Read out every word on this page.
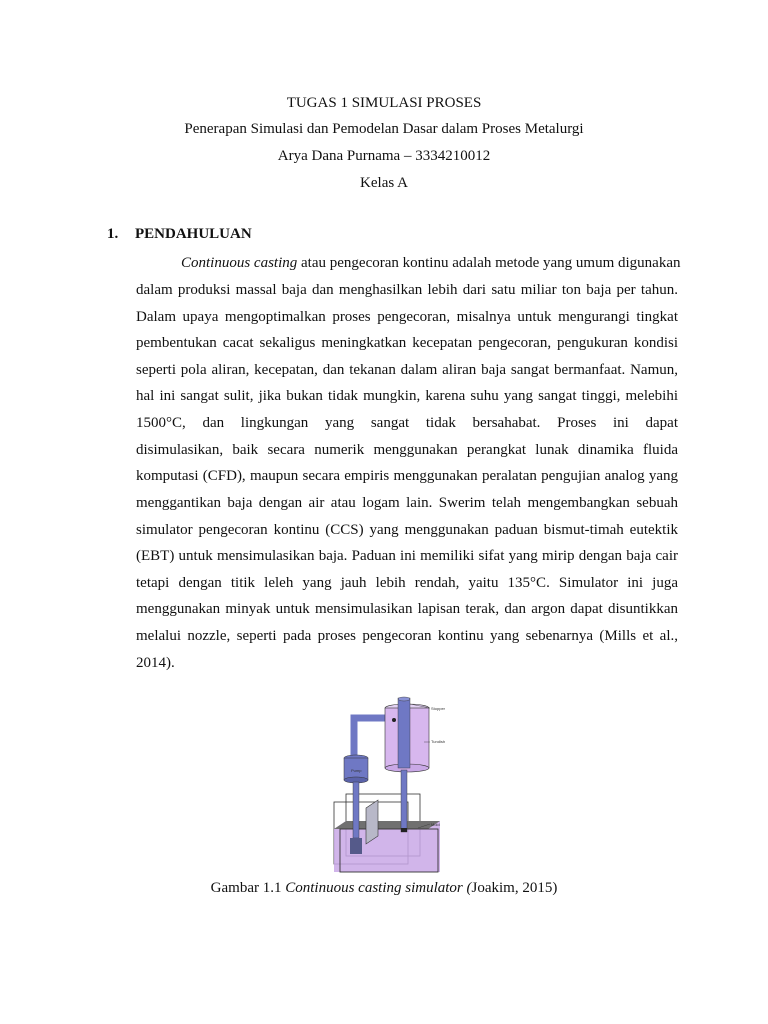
TUGAS 1 SIMULASI PROSES
Penerapan Simulasi dan Pemodelan Dasar dalam Proses Metalurgi
Arya Dana Purnama – 3334210012
Kelas A
1. PENDAHULUAN
Continuous casting atau pengecoran kontinu adalah metode yang umum digunakan
dalam produksi massal baja dan menghasilkan lebih dari satu miliar ton baja per tahun.
Dalam upaya mengoptimalkan proses pengecoran, misalnya untuk mengurangi tingkat
pembentukan cacat sekaligus meningkatkan kecepatan pengecoran, pengukuran kondisi
seperti pola aliran, kecepatan, dan tekanan dalam aliran baja sangat bermanfaat. Namun,
hal ini sangat sulit, jika bukan tidak mungkin, karena suhu yang sangat tinggi, melebihi
1500°C, dan lingkungan yang sangat tidak bersahabat. Proses ini dapat
disimulasikan, baik secara numerik menggunakan perangkat lunak dinamika fluida
komputasi (CFD), maupun secara empiris menggunakan peralatan pengujian analog yang
menggantikan baja dengan air atau logam lain. Swerim telah mengembangkan sebuah
simulator pengecoran kontinu (CCS) yang menggunakan paduan bismut-timah eutektik
(EBT) untuk mensimulasikan baja. Paduan ini memiliki sifat yang mirip dengan baja cair
tetapi dengan titik leleh yang jauh lebih rendah, yaitu 135°C. Simulator ini juga
menggunakan minyak untuk mensimulasikan lapisan terak, dan argon dapat disuntikkan
melalui nozzle, seperti pada proses pengecoran kontinu yang sebenarnya (Mills et al.,
2014).
Pump
Stopper
Tundish
Mold
Gambar 1.1 Continuous casting simulator (Joakim, 2015)
